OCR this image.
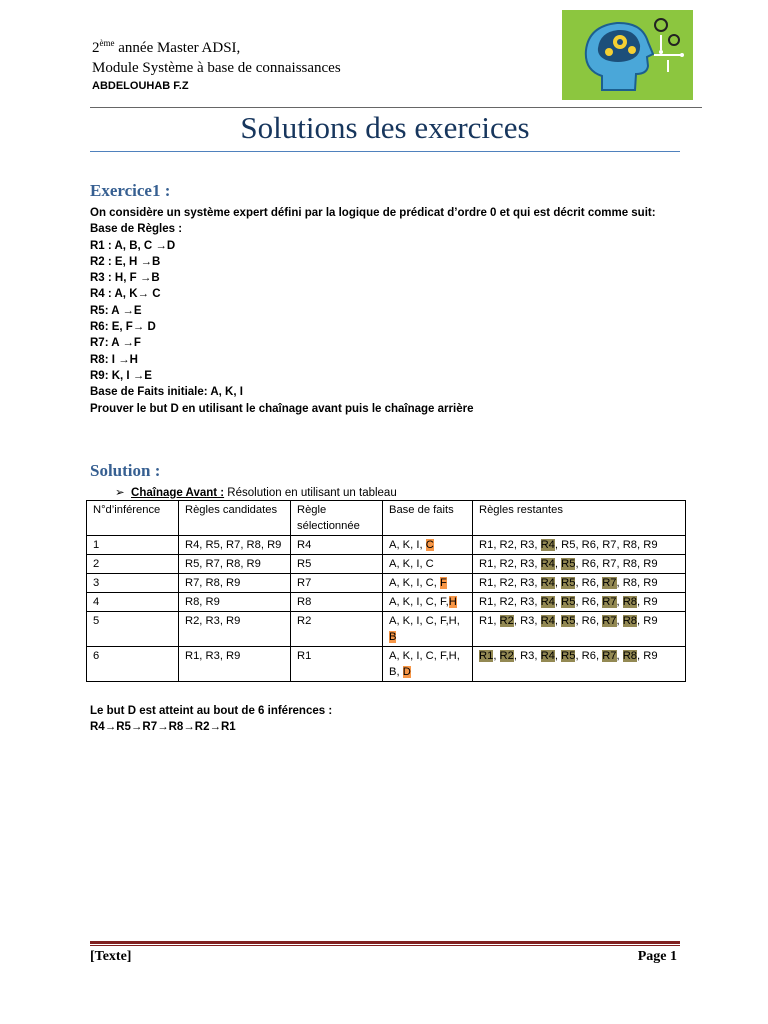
2ème année Master ADSI,
Module Système à base de connaissances
ABDELOUHAB F.Z
Solutions des exercices
Exercice1 :
On considère un système expert défini par la logique de prédicat d’ordre 0 et qui est décrit comme suit:
Base de Règles :
R1 : A, B, C →D
R2 : E, H →B
R3 : H, F →B
R4 : A, K→ C
R5: A →E
R6: E, F→ D
R7: A →F
R8: I →H
R9: K, I →E
Base de Faits initiale: A, K, I
Prouver le but D en utilisant le chaînage avant puis le chaînage arrière
Solution :
➢ Chaînage Avant : Résolution en utilisant un tableau
N°d’inférence	Règles candidates	Règle sélectionnée	Base de faits	Règles restantes
1	R4, R5, R7, R8, R9	R4	A, K, I, C	R1, R2, R3, R4, R5, R6, R7, R8, R9
2	R5, R7, R8, R9	R5	A, K, I, C	R1, R2, R3, R4, R5, R6, R7, R8, R9
3	R7, R8, R9	R7	A, K, I, C, F	R1, R2, R3, R4, R5, R6, R7, R8, R9
4	R8, R9	R8	A, K, I, C, F,H	R1, R2, R3, R4, R5, R6, R7, R8, R9
5	R2, R3, R9	R2	A, K, I, C, F,H, B	R1, R2, R3, R4, R5, R6, R7, R8, R9
6	R1, R3, R9	R1	A, K, I, C, F,H, B, D	R1, R2, R3, R4, R5, R6, R7, R8, R9
Le but D est atteint au bout de 6 inférences :
R4→R5→R7→R8→R2→R1
[Texte]	Page 1
